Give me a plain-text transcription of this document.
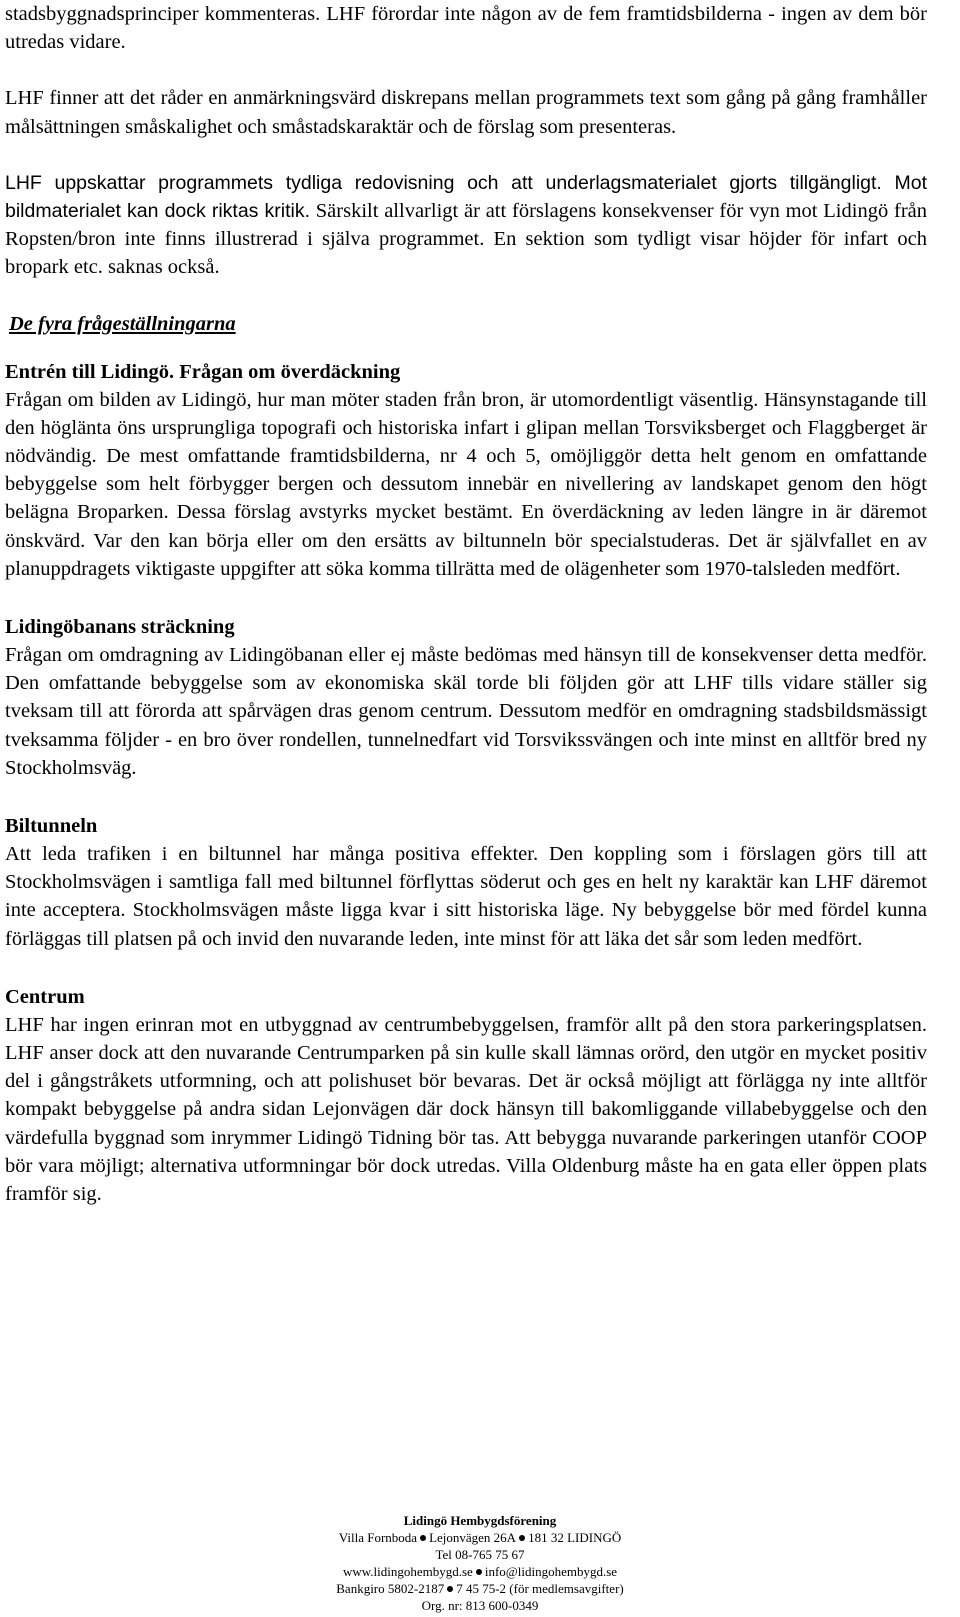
stadsbyggnadsprinciper kommenteras. LHF förordar inte någon av de fem framtidsbilderna - ingen av dem bör utredas vidare.

LHF finner att det råder en anmärkningsvärd diskrepans mellan programmets text som gång på gång framhåller målsättningen småskalighet och småstadskaraktär och de förslag som presenteras.

LHF uppskattar programmets tydliga redovisning och att underlagsmaterialet gjorts tillgängligt. Mot bildmaterialet kan dock riktas kritik. Särskilt allvarligt är att förslagens konsekvenser för vyn mot Lidingö från Ropsten/bron inte finns illustrerad i själva programmet. En sektion som tydligt visar höjder för infart och bropark etc. saknas också.

De fyra frågeställningarna
Entrén till Lidingö. Frågan om överdäckning

Frågan om bilden av Lidingö, hur man möter staden från bron, är utomordentligt väsentlig. Hänsynstagande till den höglänta öns ursprungliga topografi och historiska infart i glipan mellan Torsviksberget och Flaggberget är nödvändig. De mest omfattande framtidsbilderna, nr 4 och 5, omöjliggör detta helt genom en omfattande bebyggelse som helt förbygger bergen och dessutom innebär en nivellering av landskapet genom den högt belägna Broparken. Dessa förslag avstyrks mycket bestämt. En överdäckning av leden längre in är däremot önskvärd. Var den kan börja eller om den ersätts av biltunneln bör specialstuderas. Det är självfallet en av planuppdragets viktigaste uppgifter att söka komma tillrätta med de olägenheter som 1970-talsleden medfört.

Lidingöbanans sträckning

Frågan om omdragning av Lidingöbanan eller ej måste bedömas med hänsyn till de konsekvenser detta medför. Den omfattande bebyggelse som av ekonomiska skäl torde bli följden gör att LHF tills vidare ställer sig tveksam till att förorda att spårvägen dras genom centrum. Dessutom medför en omdragning stadsbildsmässigt tveksamma följder - en bro över rondellen, tunnelnedfart vid Torsvikssvängen och inte minst en alltför bred ny Stockholmsväg.

Biltunneln

Att leda trafiken i en biltunnel har många positiva effekter. Den koppling som i förslagen görs till att Stockholmsvägen i samtliga fall med biltunnel förflyttas söderut och ges en helt ny karaktär kan LHF däremot inte acceptera. Stockholmsvägen måste ligga kvar i sitt historiska läge. Ny bebyggelse bör med fördel kunna förläggas till platsen på och invid den nuvarande leden, inte minst för att läka det sår som leden medfört.

Centrum

LHF har ingen erinran mot en utbyggnad av centrumbebyggelsen, framför allt på den stora parkeringsplatsen. LHF anser dock att den nuvarande Centrumparken på sin kulle skall lämnas orörd, den utgör en mycket positiv del i gångstråkets utformning, och att polishuset bör bevaras. Det är också möjligt att förlägga ny inte alltför kompakt bebyggelse på andra sidan Lejonvägen där dock hänsyn till bakomliggande villabebyggelse och den värdefulla byggnad som inrymmer Lidingö Tidning bör tas. Att bebygga nuvarande parkeringen utanför COOP bör vara möjligt; alternativa utformningar bör dock utredas. Villa Oldenburg måste ha en gata eller öppen plats framför sig.

Lidingö Hembygdsförening
Villa Fornboda Lejonvägen 26A 181 32 LIDINGÖ
Tel 08-765 75 67
www.lidingohembygd.se info@lidingohembygd.se
Bankgiro 5802-2187 7 45 75-2 (för medlemsavgifter)
Org. nr: 813 600-0349
